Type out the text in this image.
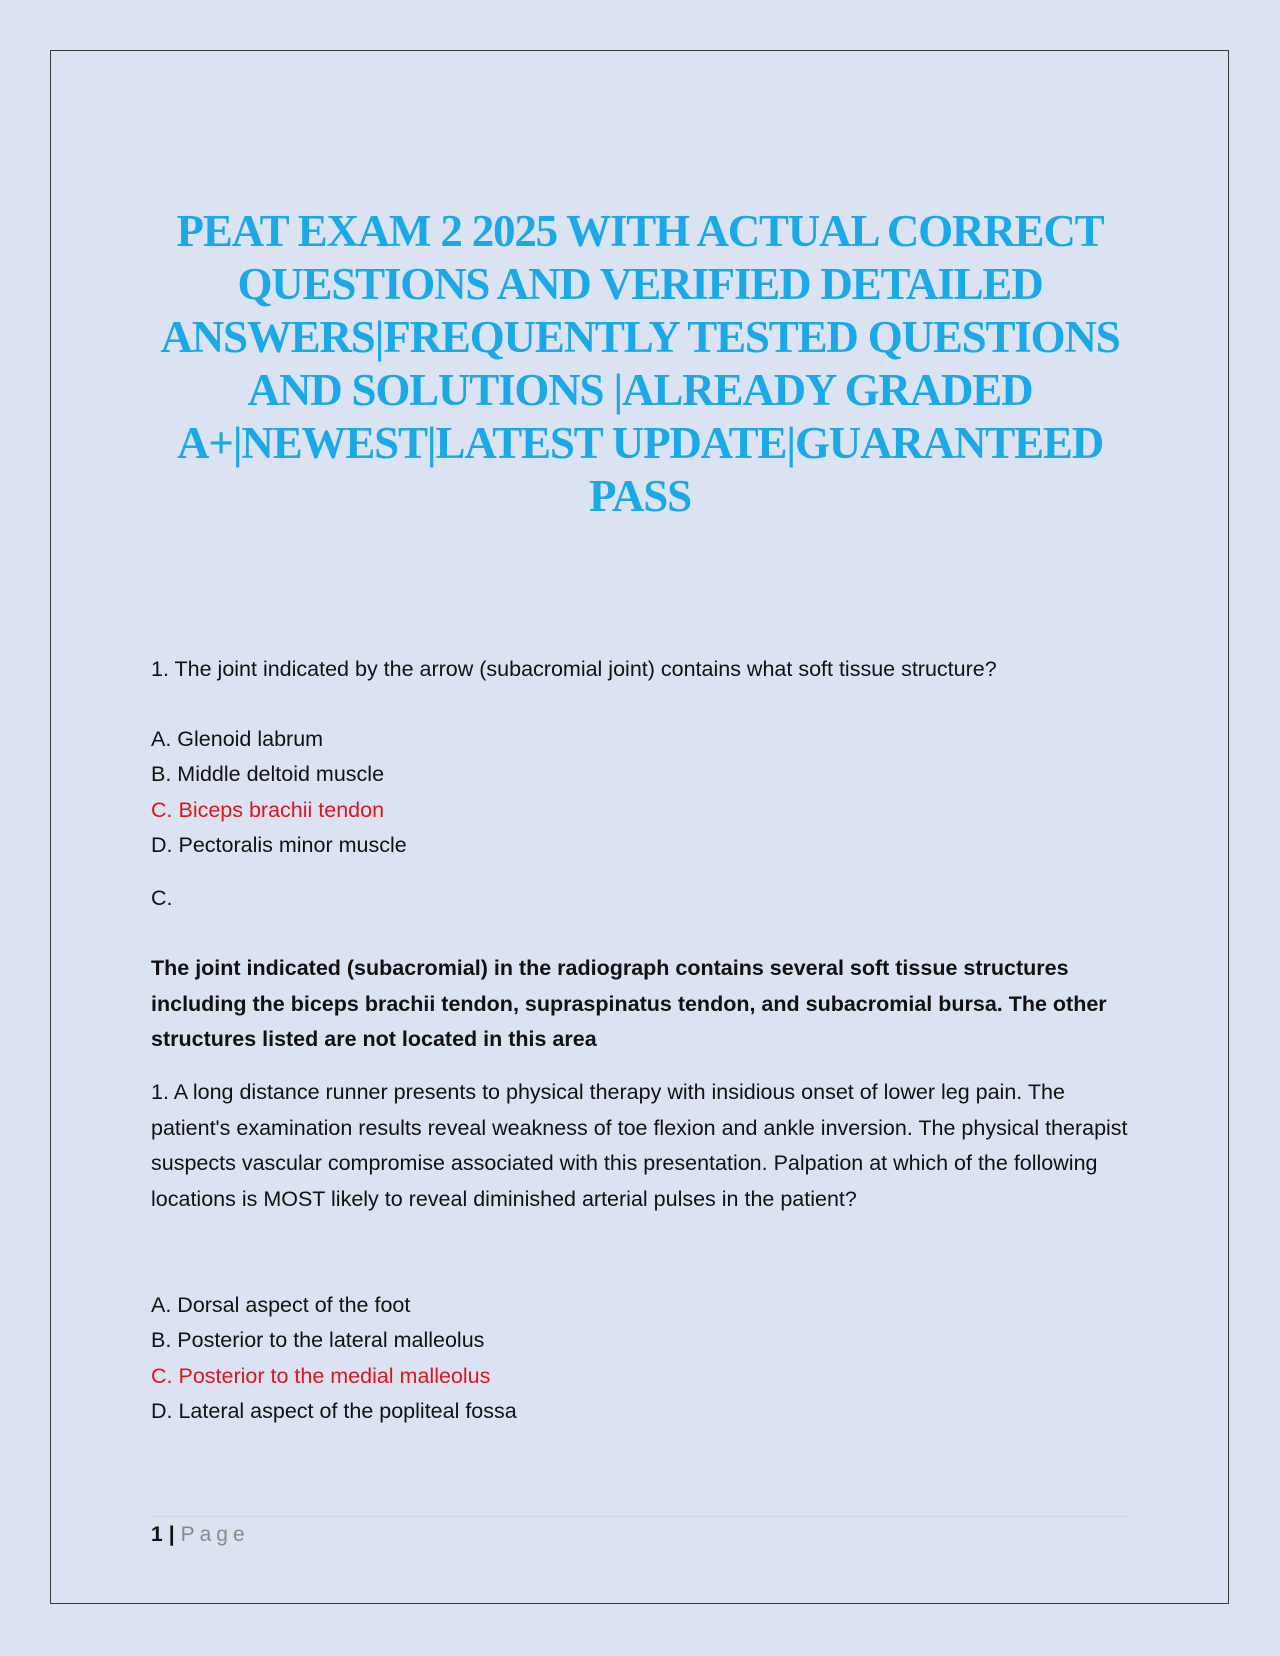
PEAT EXAM 2 2025 WITH ACTUAL CORRECT QUESTIONS AND VERIFIED DETAILED ANSWERS|FREQUENTLY TESTED QUESTIONS AND SOLUTIONS |ALREADY GRADED A+|NEWEST|LATEST UPDATE|GUARANTEED PASS
1. The joint indicated by the arrow (subacromial joint) contains what soft tissue structure?
A. Glenoid labrum
B. Middle deltoid muscle
C. Biceps brachii tendon
D. Pectoralis minor muscle
C.
The joint indicated (subacromial) in the radiograph contains several soft tissue structures including the biceps brachii tendon, supraspinatus tendon, and subacromial bursa. The other structures listed are not located in this area
1. A long distance runner presents to physical therapy with insidious onset of lower leg pain. The patient's examination results reveal weakness of toe flexion and ankle inversion. The physical therapist suspects vascular compromise associated with this presentation. Palpation at which of the following locations is MOST likely to reveal diminished arterial pulses in the patient?
A. Dorsal aspect of the foot
B. Posterior to the lateral malleolus
C. Posterior to the medial malleolus
D. Lateral aspect of the popliteal fossa
1 | Page
